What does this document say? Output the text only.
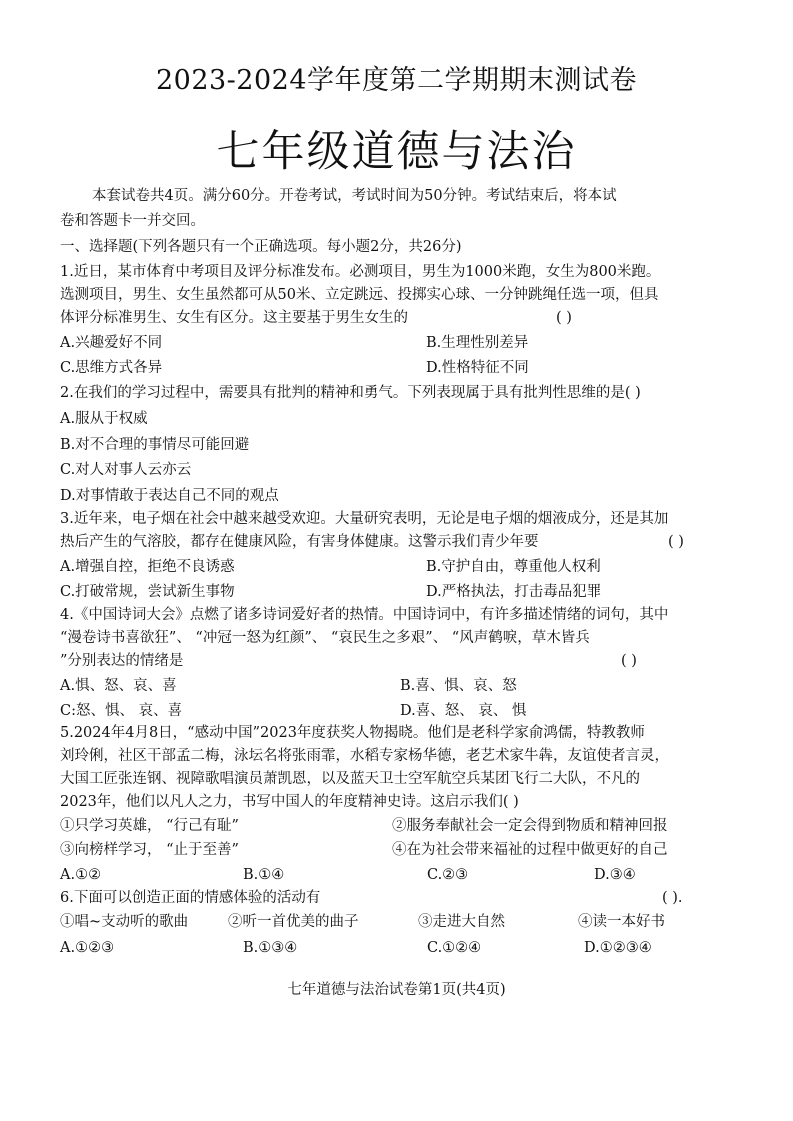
2023-2024学年度第二学期期末测试卷
七年级道德与法治
本套试卷共4页。满分60分。开卷考试，考试时间为50分钟。考试结束后，将本试
卷和答题卡一并交回。
一、选择题(下列各题只有一个正确选项。每小题2分，共26分)
1.近日，某市体育中考项目及评分标准发布。必测项目，男生为1000米跑，女生为800米跑。
选测项目，男生、女生虽然都可从50米、立定跳远、投掷实心球、一分钟跳绳任选一项，但具
体评分标准男生、女生有区分。这主要基于男生女生的	( )
A.兴趣爱好不同	B.生理性别差异
C.思维方式各异	D.性格特征不同
2.在我们的学习过程中，需要具有批判的精神和勇气。下列表现属于具有批判性思维的是( )
A.服从于权威
B.对不合理的事情尽可能回避
C.对人对事人云亦云
D.对事情敢于表达自己不同的观点
3.近年来，电子烟在社会中越来越受欢迎。大量研究表明，无论是电子烟的烟液成分，还是其加
热后产生的气溶胶，都存在健康风险，有害身体健康。这警示我们青少年要	( )
A.增强自控，拒绝不良诱惑	B.守护自由，尊重他人权利
C.打破常规，尝试新生事物	D.严格执法，打击毒品犯罪
4.《中国诗词大会》点燃了诸多诗词爱好者的热情。中国诗词中，有许多描述情绪的词句，其中
“漫卷诗书喜欲狂”、 “冲冠一怒为红颜”、 “哀民生之多艰”、 “风声鹤唳，草木皆兵
”分别表达的情绪是	( )
A.惧、怒、哀、喜	B.喜、惧、哀、怒
C:怒、惧、 哀、喜	D.喜、怒、 哀、 惧
5.2024年4月8日，“感动中国”2023年度获奖人物揭晓。他们是老科学家俞鸿儒，特教教师
刘玲俐，社区干部孟二梅，泳坛名将张雨霏，水稻专家杨华德，老艺术家牛犇，友谊使者言灵，
大国工匠张连钢、视障歌唱演员萧凯恩，以及蓝天卫士空军航空兵某团飞行二大队，不凡的
2023年，他们以凡人之力，书写中国人的年度精神史诗。这启示我们( )
①只学习英雄， “行己有耻”	②服务奉献社会一定会得到物质和精神回报
③向榜样学习， “止于至善”	④在为社会带来福祉的过程中做更好的自己
A.①②	B.①④	C.②③	D.③④
6.下面可以创造正面的情感体验的活动有	( ).
①唱~支动听的歌曲	②听一首优美的曲子	③走进大自然	④读一本好书
A.①②③	B.①③④	C.①②④	D.①②③④
七年道德与法治试卷第1页(共4页)
